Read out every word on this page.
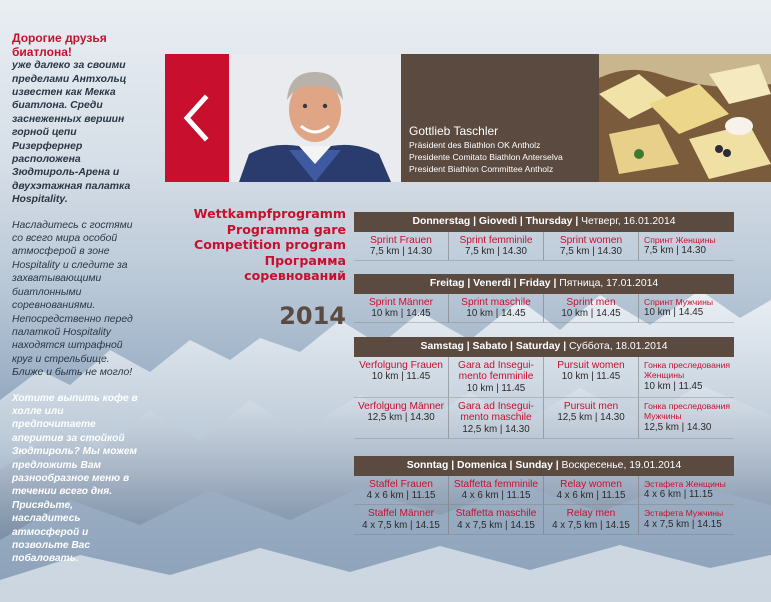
Дорогие друзья биатлона!

уже далеко за своими пределами Антхольц известен как Мекка биатлона. Среди заснеженных вершин горной цепи Ризерфернер расположена Зюдтироль-Арена и двухэтажная палатка Hospitality.

Насладитесь с гостями со всего мира особой атмосферой в зоне Hospitality и следите за захватывающими биатлонными соревнованиями. Непосредственно перед палаткой Hospitality находятся штрафной круг и стрельбище. Ближе и быть не могло!

Хотите выпить кофе в холле или предпочитаете аперитив за стойкой Зюдтироль? Мы можем предложить Вам разнообразное меню в течении всего дня. Присядьте, насладитесь атмосферой и позвольте Вас побаловать.

Gottlieb Taschler
Präsident des Biathlon OK Antholz
Presidente Comitato Biathlon Anterselva
President Biathlon Committee Antholz
Wettkampfprogramm
Programma gare
Competition program
Программа
соревнований
2014
Donnerstag | Giovedì | Thursday | Четверг, 16.01.2014
Sprint Frauen
7,5 km | 14.30
Sprint femminile
7,5 km | 14.30
Sprint women
7,5 km | 14.30
Спринт Женщины
7,5 km | 14.30
Freitag | Venerdì | Friday | Пятница, 17.01.2014
Sprint Männer
10 km | 14.45
Sprint maschile
10 km | 14.45
Sprint men
10 km | 14.45
Спринт Мужчины
10 km | 14.45
Samstag | Sabato | Saturday | Суббота, 18.01.2014
Verfolgung Frauen
10 km | 11.45
Gara ad Insegui-mento femminile
10 km | 11.45
Pursuit women
10 km | 11.45
Гонка преследования Женщины
10 km | 11.45
Verfolgung Männer
12,5 km | 14.30
Gara ad Insegui-mento maschile
12,5 km | 14.30
Pursuit men
12,5 km | 14.30
Гонка преследования Мужчины
12,5 km | 14.30
Sonntag | Domenica | Sunday | Воскресенье, 19.01.2014
Staffel Frauen
4 x 6 km | 11.15
Staffetta femminile
4 x 6 km | 11.15
Relay women
4 x 6 km | 11.15
Эстафета Женщины
4 x 6 km | 11.15
Staffel Männer
4 x 7,5 km | 14.15
Staffetta maschile
4 x 7,5 km | 14.15
Relay men
4 x 7,5 km | 14.15
Эстафета Мужчины
4 x 7,5 km | 14.15
